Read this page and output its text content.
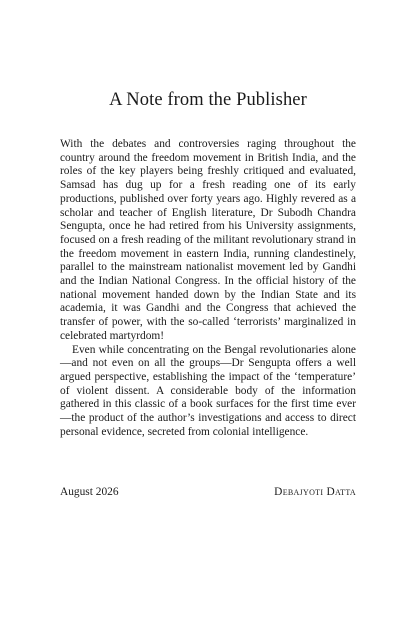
A Note from the Publisher

With the debates and controversies raging throughout the country around the freedom movement in British India, and the roles of the key players being freshly critiqued and evaluated, Samsad has dug up for a fresh reading one of its early productions, published over forty years ago. Highly revered as a scholar and teacher of English literature, Dr Subodh Chandra Sengupta, once he had retired from his University assignments, focused on a fresh reading of the militant revolutionary strand in the freedom movement in eastern India, running clandestinely, parallel to the mainstream nationalist movement led by Gandhi and the Indian National Congress. In the official history of the national movement handed down by the Indian State and its academia, it was Gandhi and the Congress that achieved the transfer of power, with the so-called ‘terrorists’ marginalized in celebrated martyrdom!

Even while concentrating on the Bengal revolutionaries alone—and not even on all the groups—Dr Sengupta offers a well argued perspective, establishing the impact of the ‘temperature’ of violent dissent. A considerable body of the information gathered in this classic of a book surfaces for the first time ever—the product of the author’s investigations and access to direct personal evidence, secreted from colonial intelligence.

August 2026	Debajyoti Datta
